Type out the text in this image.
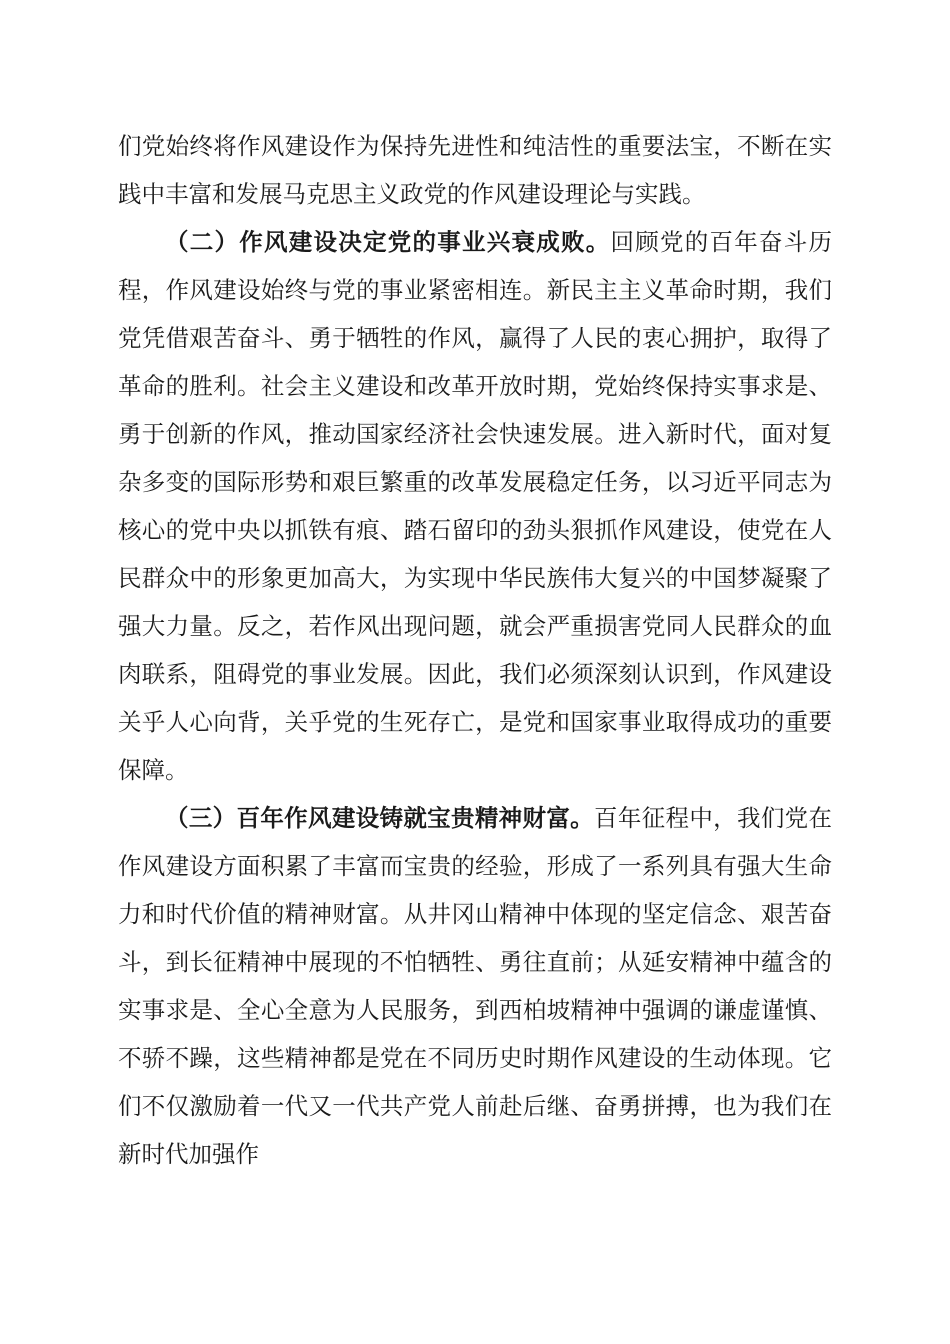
们党始终将作风建设作为保持先进性和纯洁性的重要法宝，不断在实践中丰富和发展马克思主义政党的作风建设理论与实践。

（二）作风建设决定党的事业兴衰成败。回顾党的百年奋斗历程，作风建设始终与党的事业紧密相连。新民主主义革命时期，我们党凭借艰苦奋斗、勇于牺牲的作风，赢得了人民的衷心拥护，取得了革命的胜利。社会主义建设和改革开放时期，党始终保持实事求是、勇于创新的作风，推动国家经济社会快速发展。进入新时代，面对复杂多变的国际形势和艰巨繁重的改革发展稳定任务，以习近平同志为核心的党中央以抓铁有痕、踏石留印的劲头狠抓作风建设，使党在人民群众中的形象更加高大，为实现中华民族伟大复兴的中国梦凝聚了强大力量。反之，若作风出现问题，就会严重损害党同人民群众的血肉联系，阻碍党的事业发展。因此，我们必须深刻认识到，作风建设关乎人心向背，关乎党的生死存亡，是党和国家事业取得成功的重要保障。

（三）百年作风建设铸就宝贵精神财富。百年征程中，我们党在作风建设方面积累了丰富而宝贵的经验，形成了一系列具有强大生命力和时代价值的精神财富。从井冈山精神中体现的坚定信念、艰苦奋斗，到长征精神中展现的不怕牺牲、勇往直前；从延安精神中蕴含的实事求是、全心全意为人民服务，到西柏坡精神中强调的谦虚谨慎、不骄不躁，这些精神都是党在不同历史时期作风建设的生动体现。它们不仅激励着一代又一代共产党人前赴后继、奋勇拼搏，也为我们在新时代加强作
